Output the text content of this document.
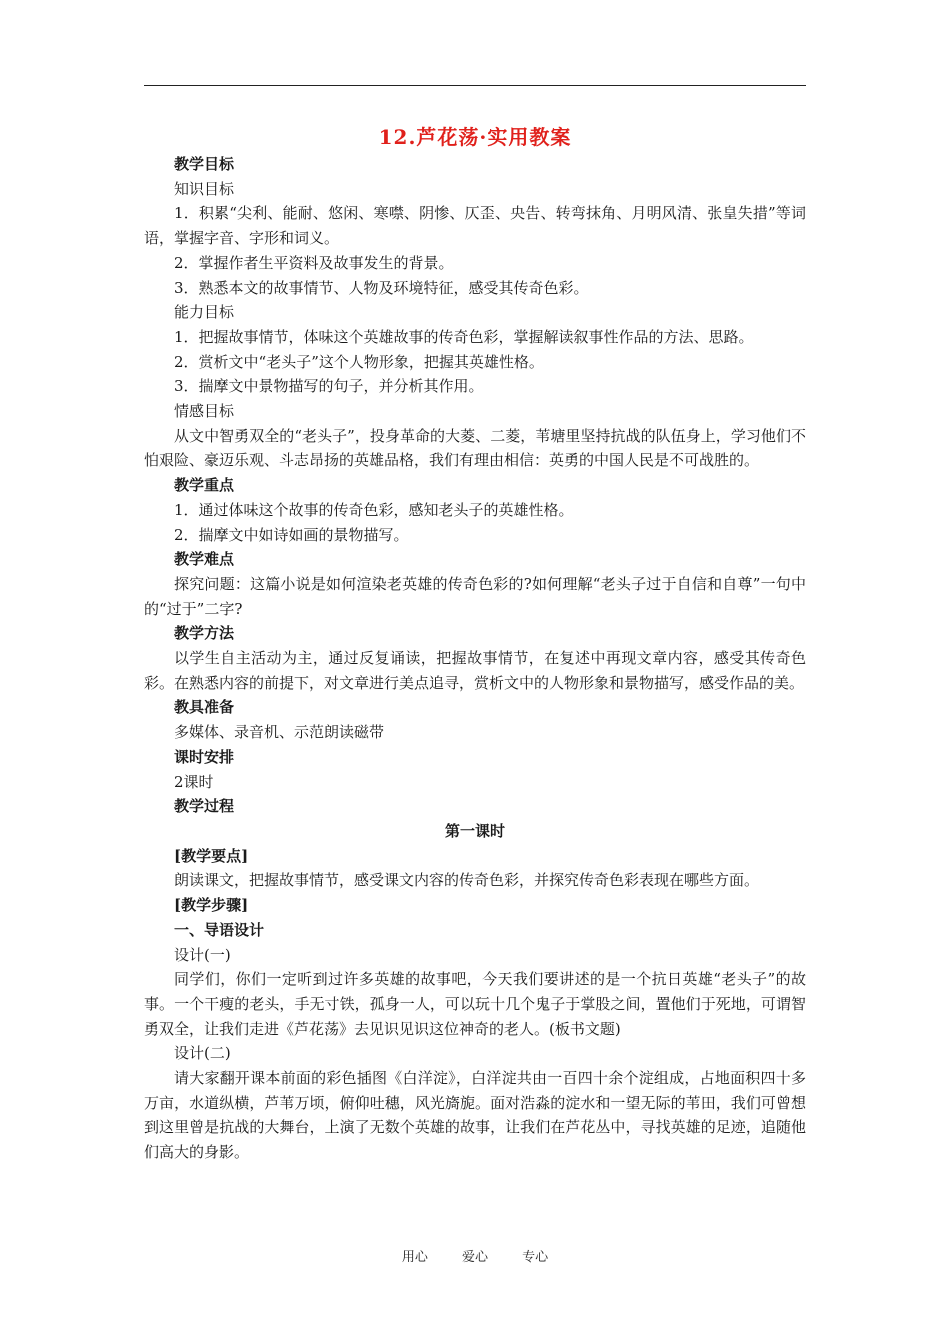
12.芦花荡·实用教案

教学目标

知识目标

1．积累“尖利、能耐、悠闲、寒噤、阴惨、仄歪、央告、转弯抹角、月明风清、张皇失措”等词语，掌握字音、字形和词义。

2．掌握作者生平资料及故事发生的背景。

3．熟悉本文的故事情节、人物及环境特征，感受其传奇色彩。

能力目标

1．把握故事情节，体味这个英雄故事的传奇色彩，掌握解读叙事性作品的方法、思路。

2．赏析文中“老头子”这个人物形象，把握其英雄性格。

3．揣摩文中景物描写的句子，并分析其作用。

情感目标

从文中智勇双全的“老头子”，投身革命的大菱、二菱，苇塘里坚持抗战的队伍身上，学习他们不怕艰险、豪迈乐观、斗志昂扬的英雄品格，我们有理由相信：英勇的中国人民是不可战胜的。

教学重点

1．通过体味这个故事的传奇色彩，感知老头子的英雄性格。

2．揣摩文中如诗如画的景物描写。

教学难点

探究问题：这篇小说是如何渲染老英雄的传奇色彩的?如何理解“老头子过于自信和自尊”一句中的“过于”二字?

教学方法

以学生自主活动为主，通过反复诵读，把握故事情节，在复述中再现文章内容，感受其传奇色彩。在熟悉内容的前提下，对文章进行美点追寻，赏析文中的人物形象和景物描写，感受作品的美。

教具准备

多媒体、录音机、示范朗读磁带

课时安排

2课时

教学过程

第一课时

[教学要点]

朗读课文，把握故事情节，感受课文内容的传奇色彩，并探究传奇色彩表现在哪些方面。

[教学步骤]

一、导语设计

设计(一)

同学们，你们一定听到过许多英雄的故事吧，今天我们要讲述的是一个抗日英雄“老头子”的故事。一个干瘦的老头，手无寸铁，孤身一人，可以玩十几个鬼子于掌股之间，置他们于死地，可谓智勇双全，让我们走进《芦花荡》去见识见识这位神奇的老人。(板书文题)

设计(二)

请大家翻开课本前面的彩色插图《白洋淀》，白洋淀共由一百四十余个淀组成，占地面积四十多万亩，水道纵横，芦苇万顷，俯仰吐穗，风光旖旎。面对浩淼的淀水和一望无际的苇田，我们可曾想到这里曾是抗战的大舞台，上演了无数个英雄的故事，让我们在芦花丛中，寻找英雄的足迹，追随他们高大的身影。

用心	爱心	专心
